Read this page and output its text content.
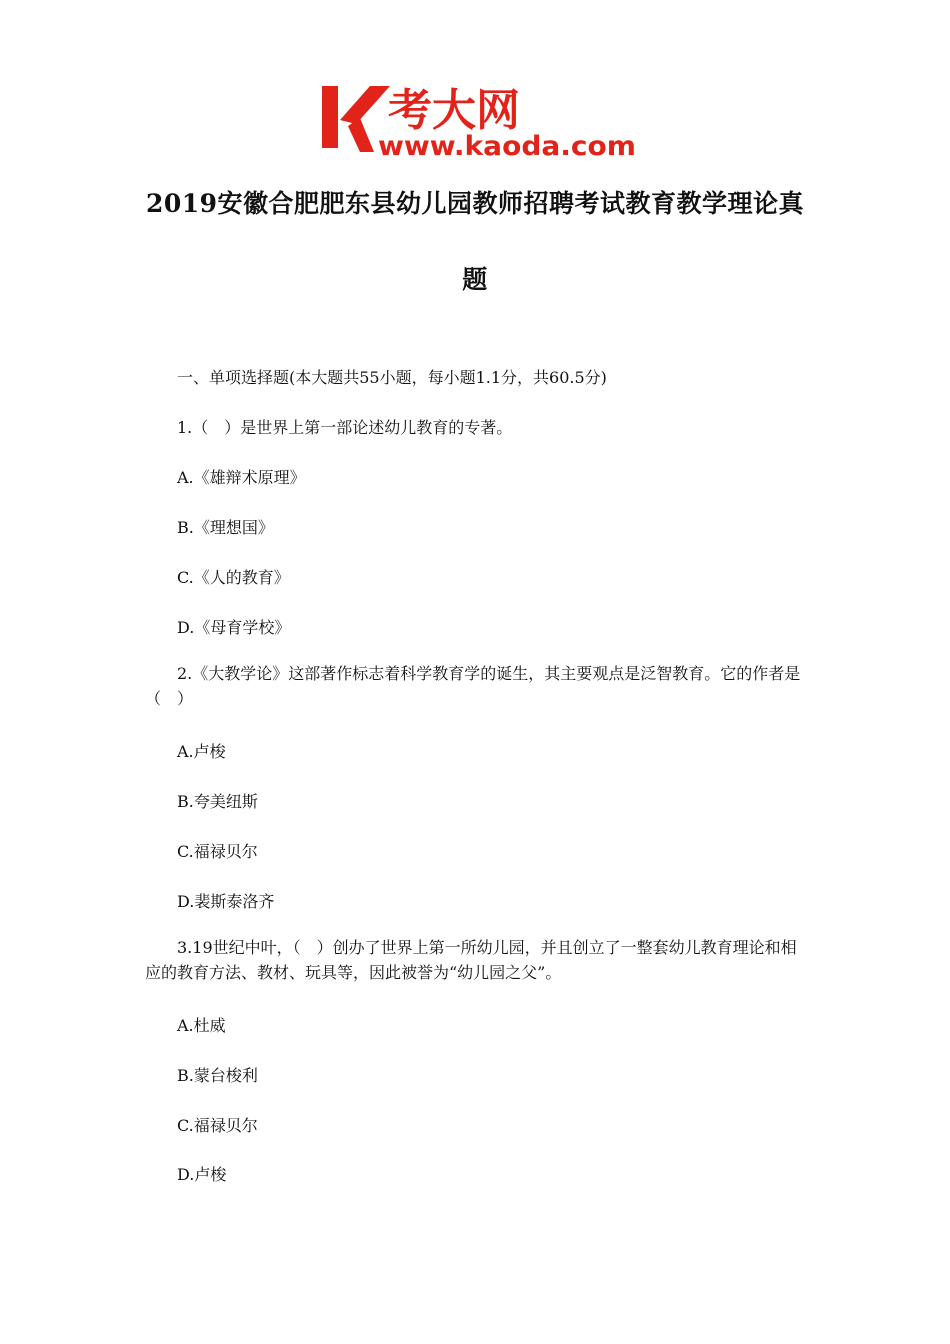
考大网
www.kaoda.com
2019安徽合肥肥东县幼儿园教师招聘考试教育教学理论真
题
一、单项选择题(本大题共55小题，每小题1.1分，共60.5分)
1.（　）是世界上第一部论述幼儿教育的专著。
A.《雄辩术原理》
B.《理想国》
C.《人的教育》
D.《母育学校》
2.《大教学论》这部著作标志着科学教育学的诞生，其主要观点是泛智教育。它的作者是
（　）
A.卢梭
B.夸美纽斯
C.福禄贝尔
D.裴斯泰洛齐
3.19世纪中叶，（　）创办了世界上第一所幼儿园，并且创立了一整套幼儿教育理论和相
应的教育方法、教材、玩具等，因此被誉为“幼儿园之父”。
A.杜威
B.蒙台梭利
C.福禄贝尔
D.卢梭
